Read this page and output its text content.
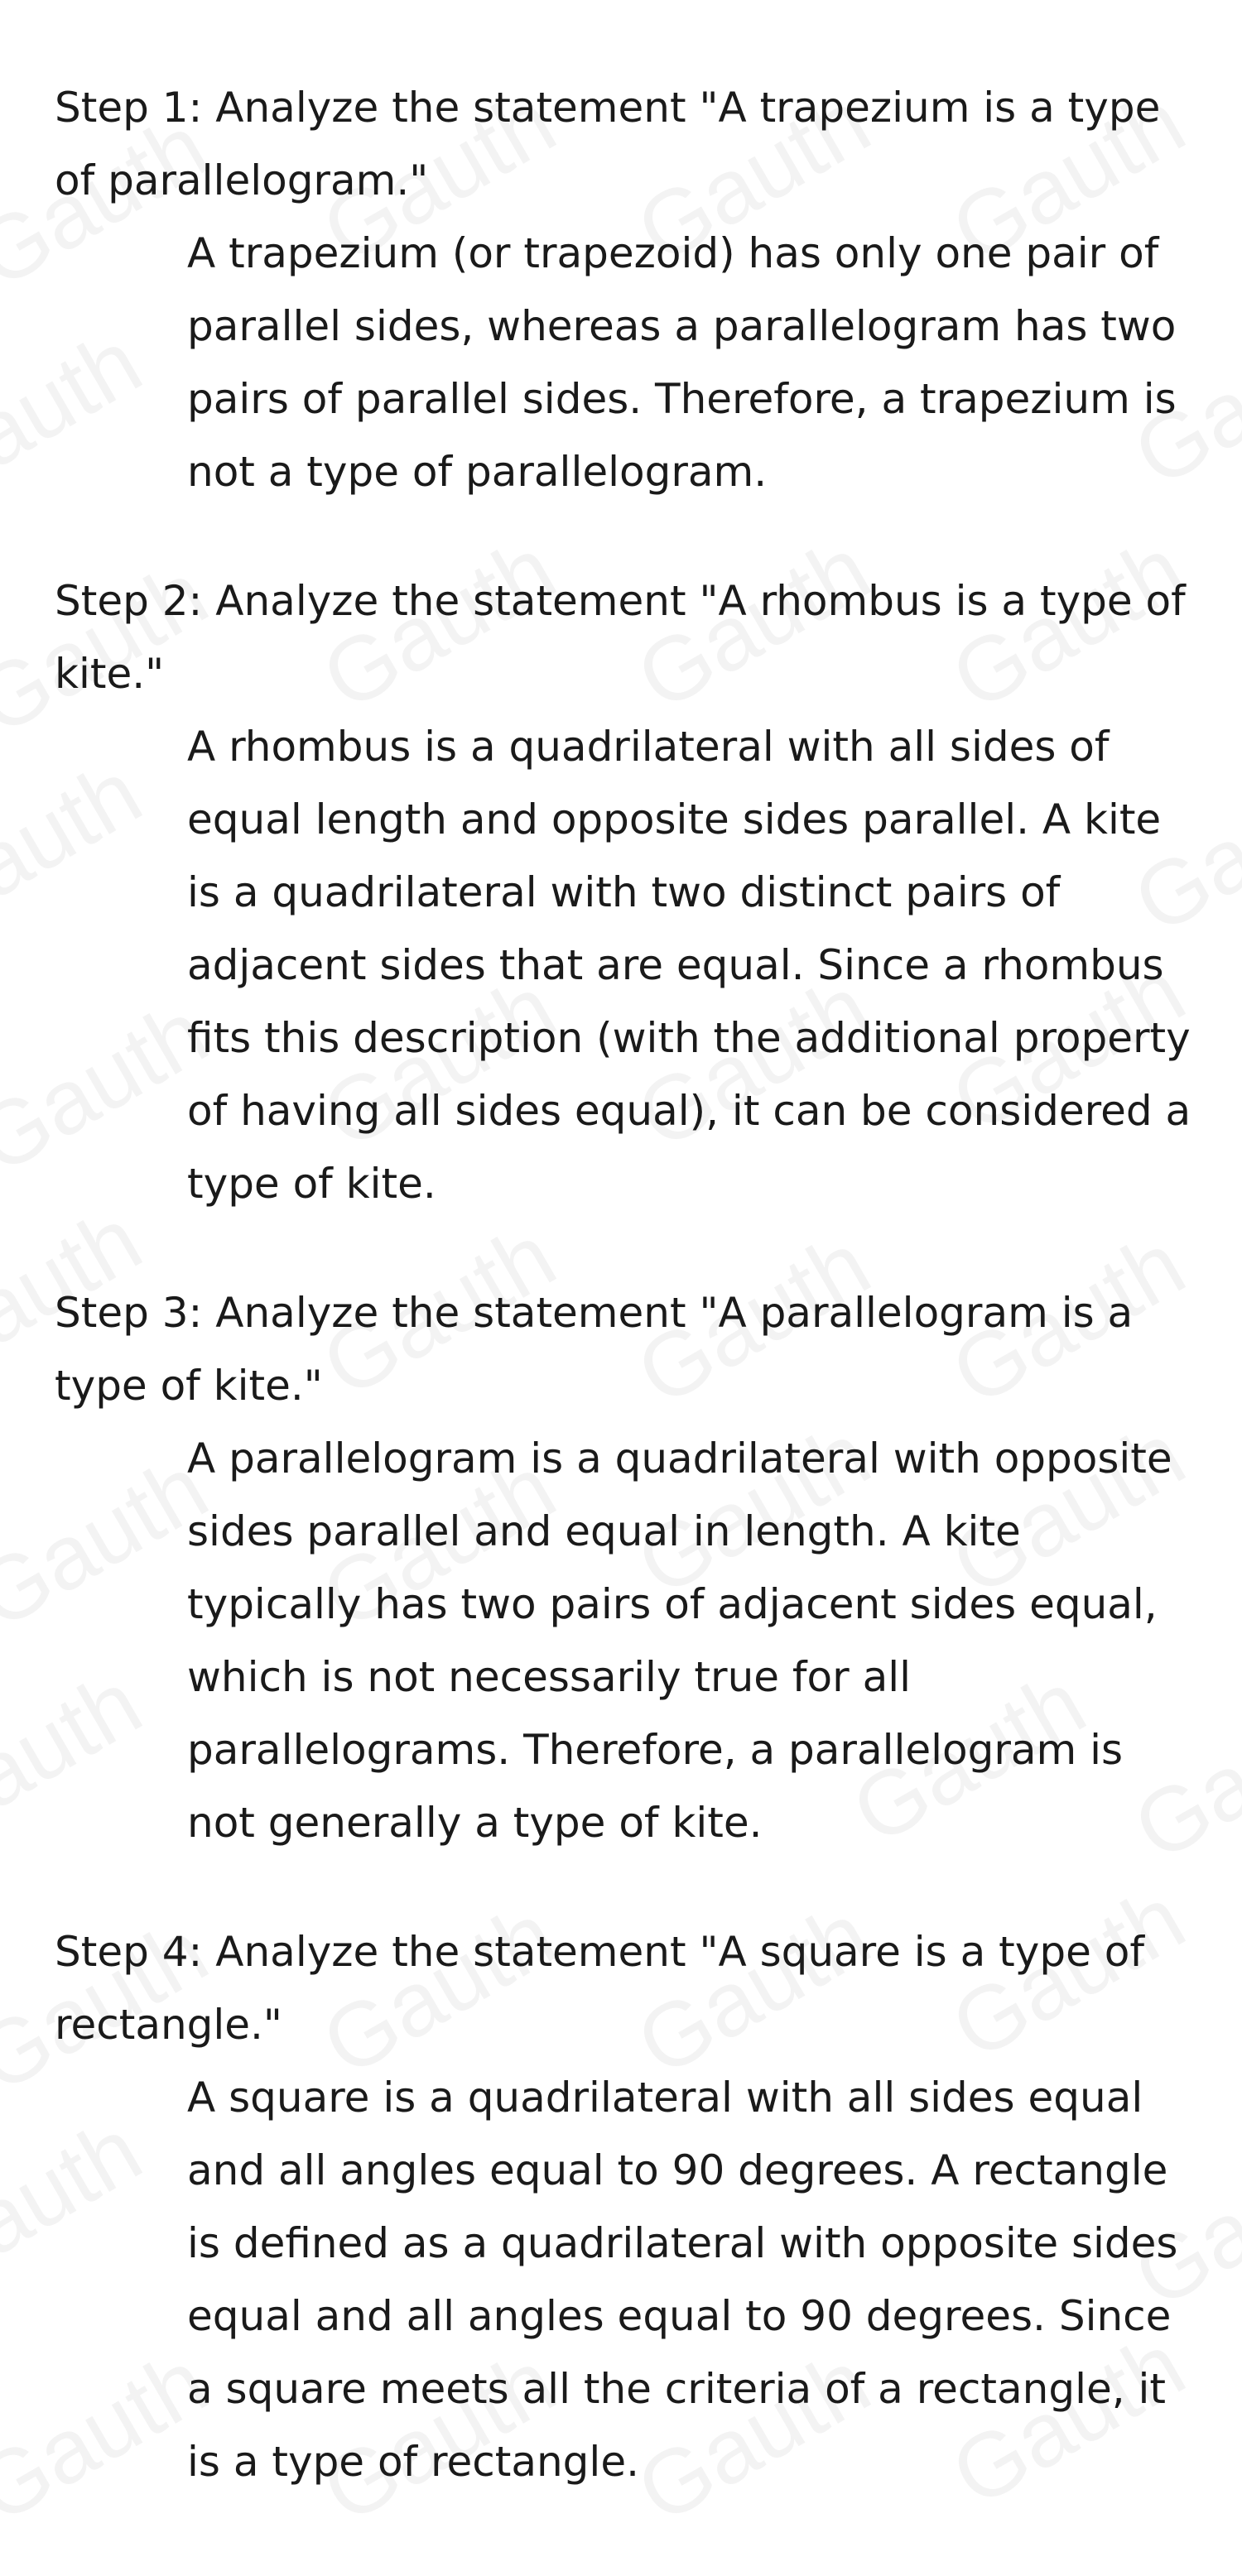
Step 1: Analyze the statement "A trapezium is a type of parallelogram."

A trapezium (or trapezoid) has only one pair of parallel sides, whereas a parallelogram has two pairs of parallel sides. Therefore, a trapezium is not a type of parallelogram.

Step 2: Analyze the statement "A rhombus is a type of kite."

A rhombus is a quadrilateral with all sides of equal length and opposite sides parallel. A kite is a quadrilateral with two distinct pairs of adjacent sides that are equal. Since a rhombus fits this description (with the additional property of having all sides equal), it can be considered a type of kite.

Step 3: Analyze the statement "A parallelogram is a type of kite."

A parallelogram is a quadrilateral with opposite sides parallel and equal in length. A kite typically has two pairs of adjacent sides equal, which is not necessarily true for all parallelograms. Therefore, a parallelogram is not generally a type of kite.

Step 4: Analyze the statement "A square is a type of rectangle."

A square is a quadrilateral with all sides equal and all angles equal to 90 degrees. A rectangle is defined as a quadrilateral with opposite sides equal and all angles equal to 90 degrees. Since a square meets all the criteria of a rectangle, it is a type of rectangle.
